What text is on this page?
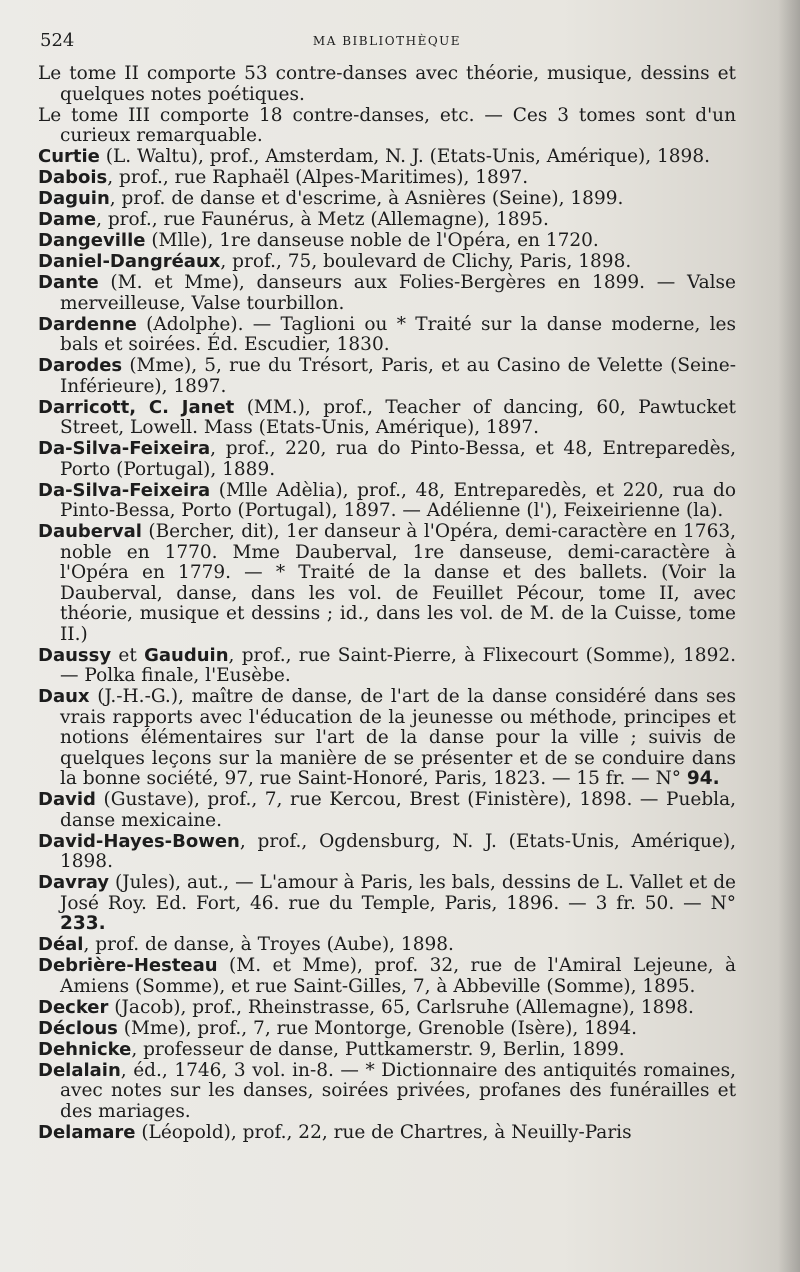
524	MA BIBLIOTHÈQUE

Le tome II comporte 53 contre-danses avec théorie, musique, dessins et quelques notes poétiques.

Le tome III comporte 18 contre-danses, etc. — Ces 3 tomes sont d'un curieux remarquable.

Curtie (L. Waltu), prof., Amsterdam, N. J. (Etats-Unis, Amérique), 1898.

Dabois, prof., rue Raphaël (Alpes-Maritimes), 1897.

Daguin, prof. de danse et d'escrime, à Asnières (Seine), 1899.

Dame, prof., rue Faunérus, à Metz (Allemagne), 1895.

Dangeville (Mlle), 1re danseuse noble de l'Opéra, en 1720.

Daniel-Dangréaux, prof., 75, boulevard de Clichy, Paris, 1898.

Dante (M. et Mme), danseurs aux Folies-Bergères en 1899. — Valse merveilleuse, Valse tourbillon.

Dardenne (Adolphe). — Taglioni ou * Traité sur la danse moderne, les bals et soirées. Éd. Escudier, 1830.

Darodes (Mme), 5, rue du Trésort, Paris, et au Casino de Velette (Seine-Inférieure), 1897.

Darricott, C. Janet (MM.), prof., Teacher of dancing, 60, Pawtucket Street, Lowell. Mass (Etats-Unis, Amérique), 1897.

Da-Silva-Feixeira, prof., 220, rua do Pinto-Bessa, et 48, Entreparedès, Porto (Portugal), 1889.

Da-Silva-Feixeira (Mlle Adèlia), prof., 48, Entreparedès, et 220, rua do Pinto-Bessa, Porto (Portugal), 1897. — Adélienne (l'), Feixeirienne (la).

Dauberval (Bercher, dit), 1er danseur à l'Opéra, demi-caractère en 1763, noble en 1770. Mme Dauberval, 1re danseuse, demi-caractère à l'Opéra en 1779. — * Traité de la danse et des ballets. (Voir la Dauberval, danse, dans les vol. de Feuillet Pécour, tome II, avec théorie, musique et dessins ; id., dans les vol. de M. de la Cuisse, tome II.)

Daussy et Gauduin, prof., rue Saint-Pierre, à Flixecourt (Somme), 1892. — Polka finale, l'Eusèbe.

Daux (J.-H.-G.), maître de danse, de l'art de la danse considéré dans ses vrais rapports avec l'éducation de la jeunesse ou méthode, principes et notions élémentaires sur l'art de la danse pour la ville ; suivis de quelques leçons sur la manière de se présenter et de se conduire dans la bonne société, 97, rue Saint-Honoré, Paris, 1823. — 15 fr. — N° 94.

David (Gustave), prof., 7, rue Kercou, Brest (Finistère), 1898. — Puebla, danse mexicaine.

David-Hayes-Bowen, prof., Ogdensburg, N. J. (Etats-Unis, Amérique), 1898.

Davray (Jules), aut., — L'amour à Paris, les bals, dessins de L. Vallet et de José Roy. Ed. Fort, 46. rue du Temple, Paris, 1896. — 3 fr. 50. — N° 233.

Déal, prof. de danse, à Troyes (Aube), 1898.

Debrière-Hesteau (M. et Mme), prof. 32, rue de l'Amiral Lejeune, à Amiens (Somme), et rue Saint-Gilles, 7, à Abbeville (Somme), 1895.

Decker (Jacob), prof., Rheinstrasse, 65, Carlsruhe (Allemagne), 1898.

Déclous (Mme), prof., 7, rue Montorge, Grenoble (Isère), 1894.

Dehnicke, professeur de danse, Puttkamerstr. 9, Berlin, 1899.

Delalain, éd., 1746, 3 vol. in-8. — * Dictionnaire des antiquités romaines, avec notes sur les danses, soirées privées, profanes des funérailles et des mariages.

Delamare (Léopold), prof., 22, rue de Chartres, à Neuilly-Paris
